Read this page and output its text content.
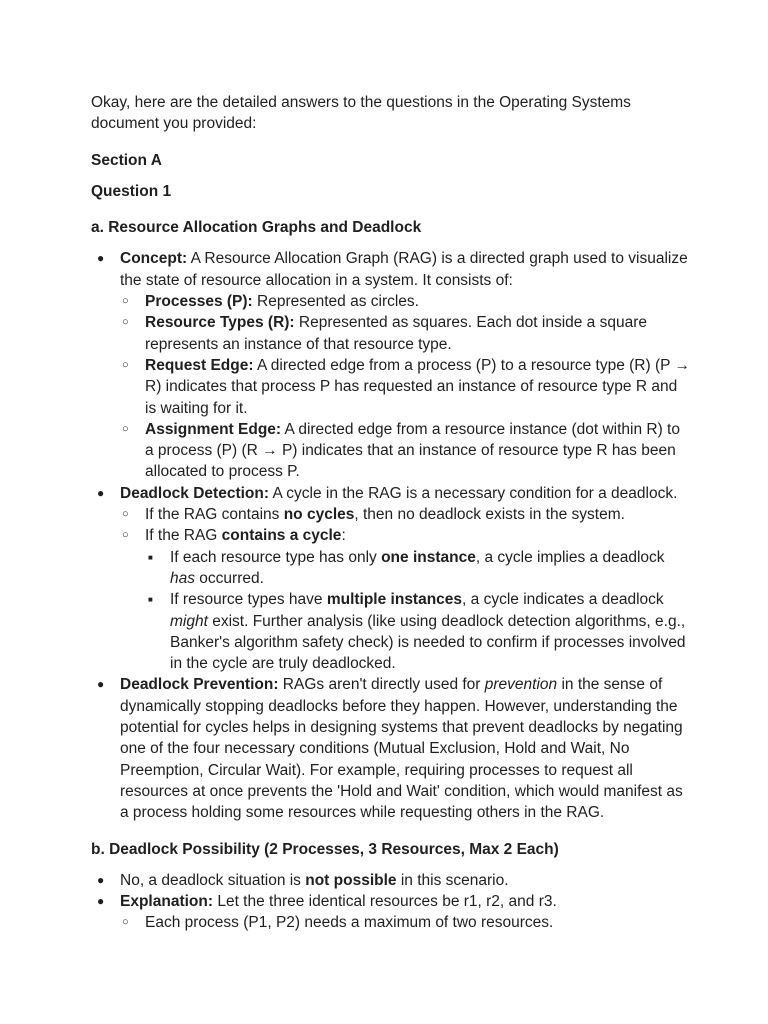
Okay, here are the detailed answers to the questions in the Operating Systems document you provided:

Section A

Question 1

a. Resource Allocation Graphs and Deadlock

●	Concept: A Resource Allocation Graph (RAG) is a directed graph used to visualize the state of resource allocation in a system. It consists of:
○	Processes (P): Represented as circles.
○	Resource Types (R): Represented as squares. Each dot inside a square represents an instance of that resource type.
○	Request Edge: A directed edge from a process (P) to a resource type (R) (P → R) indicates that process P has requested an instance of resource type R and is waiting for it.
○	Assignment Edge: A directed edge from a resource instance (dot within R) to a process (P) (R → P) indicates that an instance of resource type R has been allocated to process P.
●	Deadlock Detection: A cycle in the RAG is a necessary condition for a deadlock.
○	If the RAG contains no cycles, then no deadlock exists in the system.
○	If the RAG contains a cycle:
■	If each resource type has only one instance, a cycle implies a deadlock has occurred.
■	If resource types have multiple instances, a cycle indicates a deadlock might exist. Further analysis (like using deadlock detection algorithms, e.g., Banker's algorithm safety check) is needed to confirm if processes involved in the cycle are truly deadlocked.
●	Deadlock Prevention: RAGs aren't directly used for prevention in the sense of dynamically stopping deadlocks before they happen. However, understanding the potential for cycles helps in designing systems that prevent deadlocks by negating one of the four necessary conditions (Mutual Exclusion, Hold and Wait, No Preemption, Circular Wait). For example, requiring processes to request all resources at once prevents the 'Hold and Wait' condition, which would manifest as a process holding some resources while requesting others in the RAG.

b. Deadlock Possibility (2 Processes, 3 Resources, Max 2 Each)

●	No, a deadlock situation is not possible in this scenario.
●	Explanation: Let the three identical resources be r1, r2, and r3.
○	Each process (P1, P2) needs a maximum of two resources.
